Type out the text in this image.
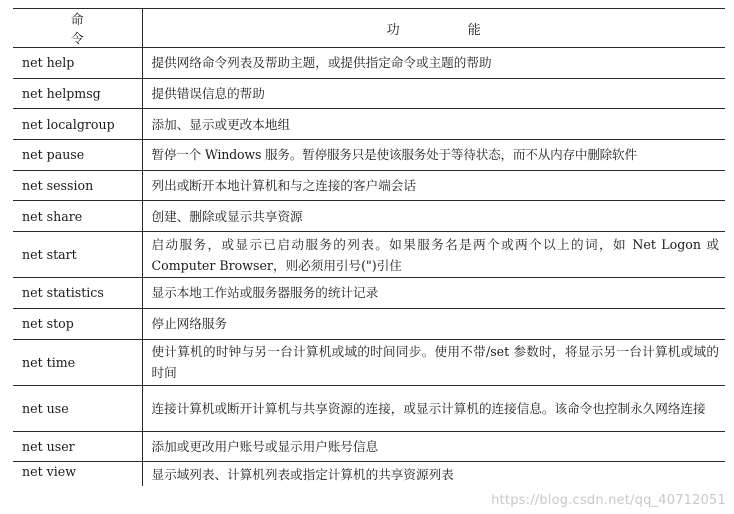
命 令	功 能
net help	提供网络命令列表及帮助主题，或提供指定命令或主题的帮助
net helpmsg	提供错误信息的帮助
net localgroup	添加、显示或更改本地组
net pause	暂停一个 Windows 服务。暂停服务只是使该服务处于等待状态，而不从内存中删除软件
net session	列出或断开本地计算机和与之连接的客户端会话
net share	创建、删除或显示共享资源
net start	启动服务，或显示已启动服务的列表。如果服务名是两个或两个以上的词，如 Net Logon 或 Computer Browser，则必须用引号(")引住
net statistics	显示本地工作站或服务器服务的统计记录
net stop	停止网络服务
net time	使计算机的时钟与另一台计算机或域的时间同步。使用不带/set 参数时，将显示另一台计算机或域的时间
net use	连接计算机或断开计算机与共享资源的连接，或显示计算机的连接信息。该命令也控制永久网络连接
net user	添加或更改用户账号或显示用户账号信息
net view	显示域列表、计算机列表或指定计算机的共享资源列表
https://blog.csdn.net/qq_40712051
